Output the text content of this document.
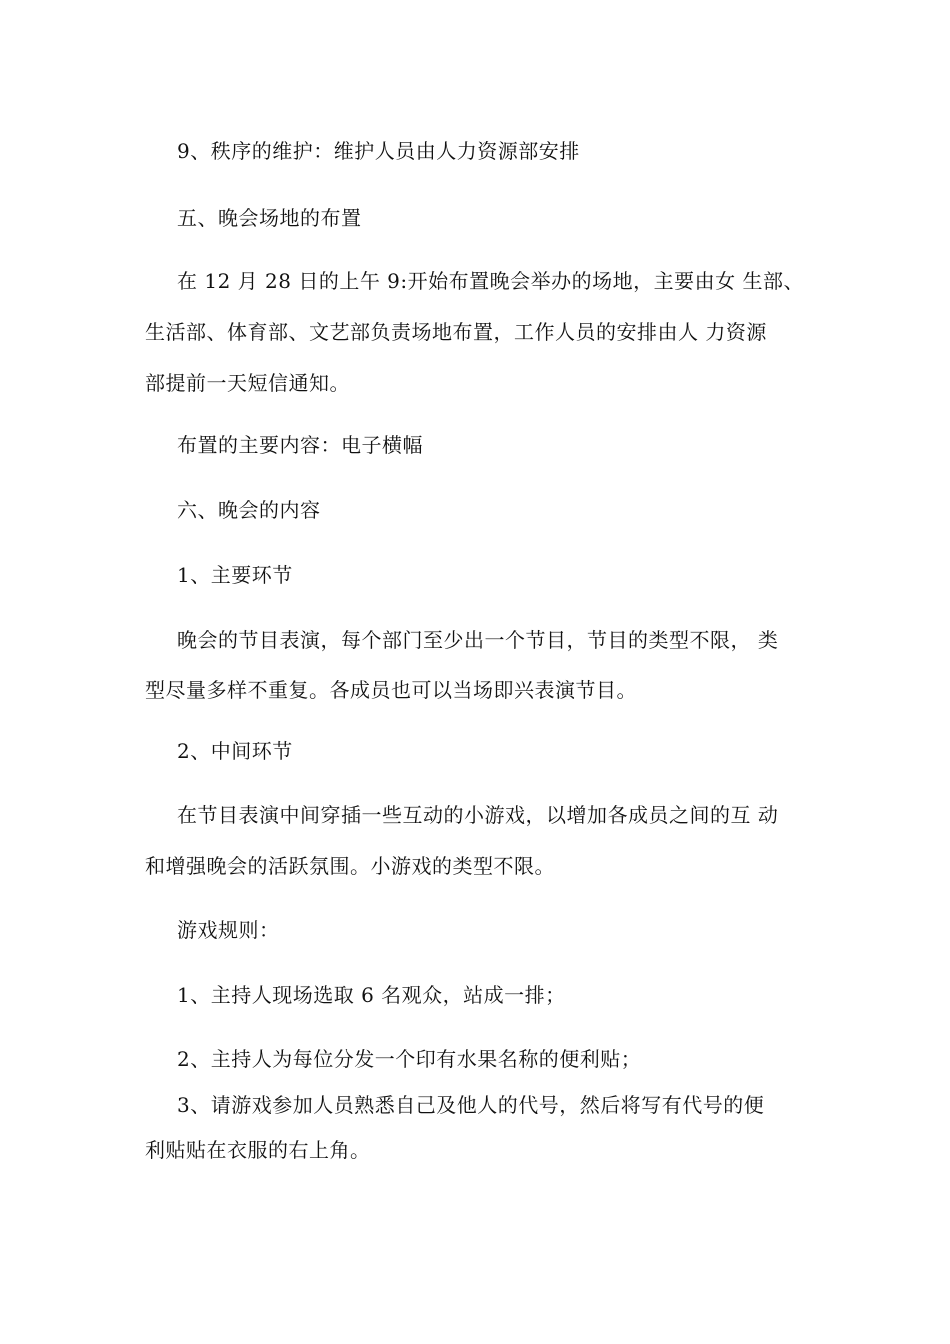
9、秩序的维护：维护人员由人力资源部安排
五、晚会场地的布置
在 12 月 28 日的上午 9:开始布置晚会举办的场地，主要由女 生部、
生活部、体育部、文艺部负责场地布置，工作人员的安排由人 力资源
部提前一天短信通知。
布置的主要内容：电子横幅
六、晚会的内容
1、主要环节
晚会的节目表演，每个部门至少出一个节目，节目的类型不限， 类
型尽量多样不重复。各成员也可以当场即兴表演节目。
2、中间环节
在节目表演中间穿插一些互动的小游戏，以增加各成员之间的互 动
和增强晚会的活跃氛围。小游戏的类型不限。
游戏规则：
1、主持人现场选取 6 名观众，站成一排；
2、主持人为每位分发一个印有水果名称的便利贴；
3、请游戏参加人员熟悉自己及他人的代号，然后将写有代号的便
利贴贴在衣服的右上角。
